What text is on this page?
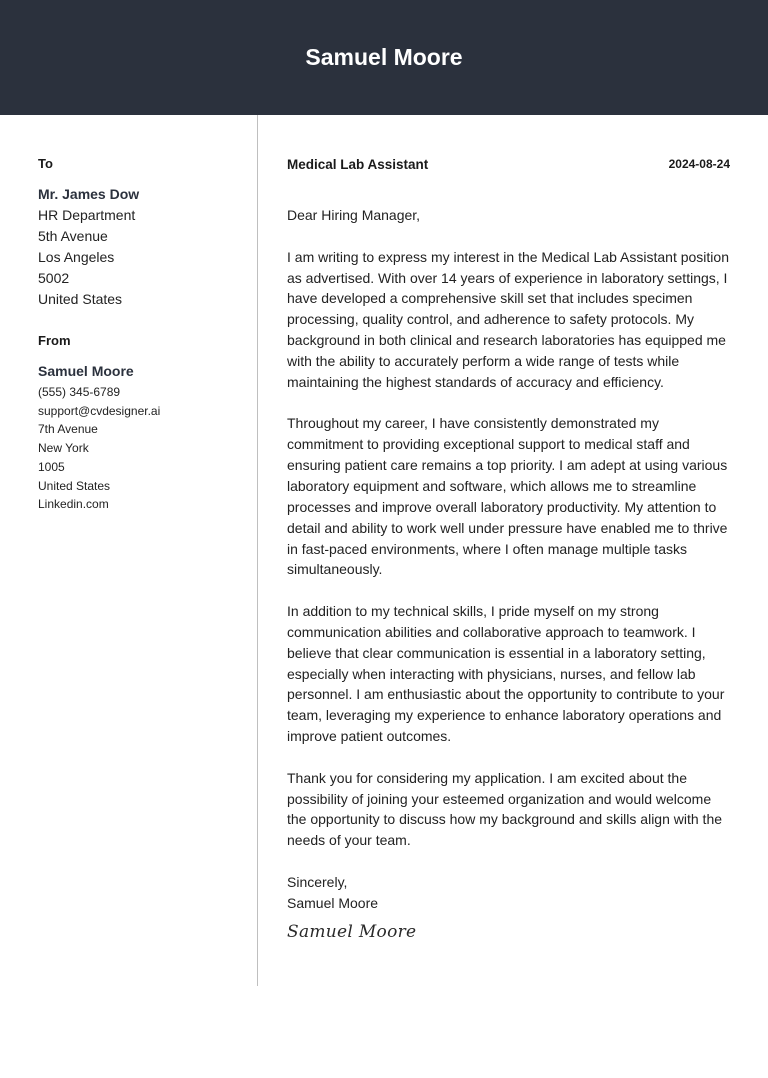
Samuel Moore
To
Mr. James Dow
HR Department
5th Avenue
Los Angeles
5002
United States
From
Samuel Moore
(555) 345-6789
support@cvdesigner.ai
7th Avenue
New York
1005
United States
Linkedin.com
Medical Lab Assistant	2024-08-24

Dear Hiring Manager,

I am writing to express my interest in the Medical Lab Assistant position as advertised. With over 14 years of experience in laboratory settings, I have developed a comprehensive skill set that includes specimen processing, quality control, and adherence to safety protocols. My background in both clinical and research laboratories has equipped me with the ability to accurately perform a wide range of tests while maintaining the highest standards of accuracy and efficiency.

Throughout my career, I have consistently demonstrated my commitment to providing exceptional support to medical staff and ensuring patient care remains a top priority. I am adept at using various laboratory equipment and software, which allows me to streamline processes and improve overall laboratory productivity. My attention to detail and ability to work well under pressure have enabled me to thrive in fast-paced environments, where I often manage multiple tasks simultaneously.

In addition to my technical skills, I pride myself on my strong communication abilities and collaborative approach to teamwork. I believe that clear communication is essential in a laboratory setting, especially when interacting with physicians, nurses, and fellow lab personnel. I am enthusiastic about the opportunity to contribute to your team, leveraging my experience to enhance laboratory operations and improve patient outcomes.

Thank you for considering my application. I am excited about the possibility of joining your esteemed organization and would welcome the opportunity to discuss how my background and skills align with the needs of your team.

Sincerely,
Samuel Moore

Samuel Moore
